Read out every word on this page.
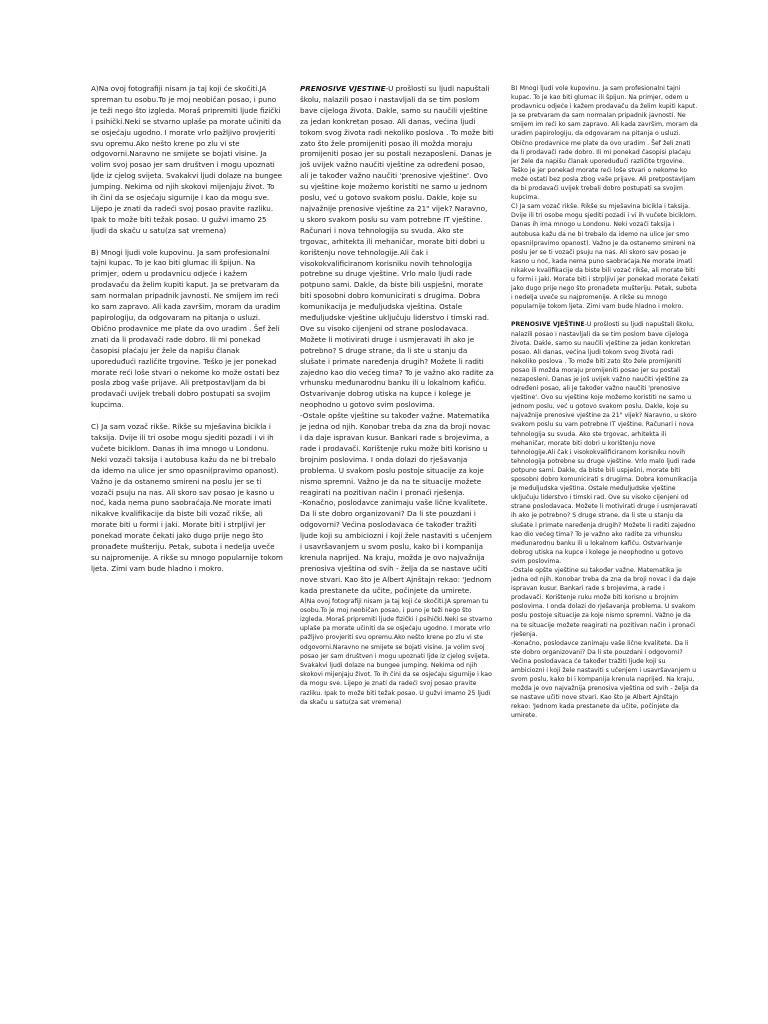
A)Na ovoj fotografiji nisam ja taj koji će skočiti.JA spreman tu osobu.To je moj neobičan posao, i puno je teži nego što izgleda. Moraš pripremiti ljude fizički i psihički.Neki se stvarno uplaše pa morate učiniti da se osjećaju ugodno. I morate vrlo pažljivo provjeriti svu opremu.Ako nešto krene po zlu vi ste odgovorni.Naravno ne smijete se bojati visine. Ja volim svoj posao jer sam društven i mogu upoznati ljde iz cjelog svijeta. Svakakvi ljudi dolaze na bungee jumping. Nekima od njih skokovi mijenjaju život. To ih čini da se osjećaju sigurnije i kao da mogu sve. Lijepo je znati da radeći svoj posao pravite razliku. Ipak to može biti težak posao. U gužvi imamo 25 ljudi da skaču u satu(za sat vremena)

B) Mnogi ljudi vole kupovinu. Ja sam profesionalni tajni kupac. To je kao biti glumac ili špijun. Na primjer, odem u prodavnicu odjeće i kažem prodavaču da želim kupiti kaput. Ja se pretvaram da sam normalan pripadnik javnosti. Ne smijem im reći ko sam zapravo. Ali kada završim, moram da uradim papirologiju, da odgovaram na pitanja o usluzi. Obično prodavnice me plate da ovo uradim . Šef želi znati da li prodavači rade dobro. Ili mi ponekad časopisi plaćaju jer žele da napišu članak uporeduđući različite trgovine. Teško je jer ponekad morate reći loše stvari o nekome ko može ostati bez posla zbog vaše prijave. Ali pretpostavljam da bi prodavači uvijek trebali dobro postupati sa svojim kupcima.

C) Ja sam vozač rikše. Rikše su mješavina bicikla i taksija. Dvije ili tri osobe mogu sjediti pozadi i vi ih vučete biciklom. Danas ih ima mnogo u Londonu. Neki vozači taksija i autobusa kažu da ne bi trebalo da idemo na ulice jer smo opasni(pravimo opanost). Važno je da ostanemo smireni na poslu jer se ti vozači psuju na nas. Ali skoro sav posao je kasno u noć, kada nema puno saobraćaja.Ne morate imati nikakve kvalifikacije da biste bili vozač rikše, ali morate biti u formi i jaki. Morate biti i strpljivi jer ponekad morate čekati jako dugo prije nego što pronađete mušteriju. Petak, subota i nedelja uveče su najpromenije. A rikše su mnogo popularnije tokom ljeta. Zimi vam bude hladno i mokro.

PRENOSIVE VJESTINE-U prošlosti su ljudi napuštali školu, nalazili posao i nastavljali da se tim poslom bave cijeloga života. Dakle, samo su naučili vještine za jedan konkretan posao. Ali danas, većina ljudi tokom svog života radi nekoliko poslova . To može biti zato što žele promijeniti posao ili možda moraju promijeniti posao jer su postali nezaposleni. Danas je još uvijek važno naučiti vještine za određeni posao, ali je također važno naučiti 'prenosive vještine'. Ovo su vještine koje možemo koristiti ne samo u jednom poslu, već u gotovo svakom poslu. Dakle, koje su najvažnije prenosive vještine za 21" vijek? Naravno, u skoro svakom poslu su vam potrebne IT vještine. Računari i nova tehnologija su svuda. Ako ste trgovac, arhitekta ili mehaničar, morate biti dobri u korištenju nove tehnologije.Ali čak i visokokvalificiranom korisniku novih tehnologija potrebne su druge vještine. Vrlo malo ljudi rade potpuno sami. Dakle, da biste bili uspješni, morate biti sposobni dobro komunicirati s drugima. Dobra komunikacija je međuljudska vještina. Ostale međuljudske vještine uključuju liderstvo i timski rad. Ove su visoko cijenjeni od strane poslodavaca. Možete li motivirati druge i usmjeravati ih ako je potrebno? S druge strane, da li ste u stanju da slušate i primate naređenja drugih? Možete li raditi zajedno kao dio većeg tima? To je važno ako radite za vrhunsku međunarodnu banku ili u lokalnom kafiću. Ostvarivanje dobrog utiska na kupce i kolege je neophodno u gotovo svim poslovima.

-Ostale opšte vještine su također važne. Matematika je jedna od njih. Konobar treba da zna da broji novac i da daje ispravan kusur. Bankari rade s brojevima, a rade i prodavači. Korištenje ruku može biti korisno u brojnim poslovima. I onda dolazi do rješavanja problema. U svakom poslu postoje situacije za koje nismo spremni. Važno je da na te situacije možete reagirati na pozitivan način i pronaći rješenja.

-Konačno, poslodavce zanimaju vaše lične kvalitete. Da li ste dobro organizovani? Da li ste pouzdani i odgovorni? Većina poslodavaca će također tražiti ljude koji su ambiciozni i koji žele nastaviti s učenjem i usavršavanjem u svom poslu, kako bi i kompanija krenula naprijed. Na kraju, možda je ovo najvažnija prenosiva vještina od svih - želja da se nastave učiti nove stvari. Kao što je Albert Ajnštajn rekao: 'Jednom kada prestanete da učite, počinjete da umirete.

A)Na ovoj fotografiji nisam ja taj koji će skočiti.JA spreman tu osobu.To je moj neobičan posao, i puno je teži nego što izgleda. Moraš pripremiti ljude fizički i psihički.Neki se stvarno uplaše pa morate učiniti da se osjećaju ugodno. I morate vrlo pažljivo provjeriti svu opremu.Ako nešto krene po zlu vi ste odgovorni.Naravno ne smijete se bojati visine. Ja volim svoj posao jer sam društven i mogu upoznati ljde iz cjelog svijeta. Svakakvi ljudi dolaze na bungee jumping. Nekima od njih skokovi mijenjaju život. To ih čini da se osjećaju sigurnije i kao da mogu sve. Lijepo je znati da radeći svoj posao pravite razliku. Ipak to može biti težak posao. U gužvi imamo 25 ljudi da skaču u satu(za sat vremena)

B) Mnogi ljudi vole kupovinu. Ja sam profesionalni tajni kupac. To je kao biti glumac ili špijun. Na primjer, odem u prodavnicu odjeće i kažem prodavaču da želim kupiti kaput. Ja se pretvaram da sam normalan pripadnik javnosti. Ne smijem im reći ko sam zapravo. Ali kada završim, moram da uradim papirologiju, da odgovaram na pitanja o usluzi. Obično prodavnice me plate da ovo uradim . Šef želi znati da li prodavači rade dobro. Ili mi ponekad časopisi plaćaju jer žele da napišu članak uporeduđući različite trgovine. Teško je jer ponekad morate reći loše stvari o nekome ko može ostati bez posla zbog vaše prijave. Ali pretpostavljam da bi prodavači uvijek trebali dobro postupati sa svojim kupcima.

C) Ja sam vozač rikše. Rikše su mješavina bicikla i taksija. Dvije ili tri osobe mogu sjediti pozadi i vi ih vučete biciklom. Danas ih ima mnogo u Londonu. Neki vozači taksija i autobusa kažu da ne bi trebalo da idemo na ulice jer smo opasni(pravimo opanost). Važno je da ostanemo smireni na poslu jer se ti vozači psuju na nas. Ali skoro sav posao je kasno u noć, kada nema puno saobraćaja.Ne morate imati nikakve kvalifikacije da biste bili vozač rikše, ali morate biti u formi i jaki. Morate biti i strpljivi jer ponekad morate čekati jako dugo prije nego što pronađete mušteriju. Petak, subota i nedelja uveče su najpromenije. A rikše su mnogo popularnije tokom ljeta. Zimi vam bude hladno i mokro.

PRENOSIVE VJEŠTINE-U prošlosti su ljudi napuštali školu, nalazili posao i nastavljali da se tim poslom bave cijeloga života. Dakle, samo su naučili vještine za jedan konkretan posao. Ali danas, većina ljudi tokom svog života radi nekoliko poslova . To može biti zato što žele promijeniti posao ili možda moraju promijeniti posao jer su postali nezaposleni. Danas je još uvijek važno naučiti vještine za određeni posao, ali je također važno naučiti 'prenosive vještine'. Ovo su vještine koje možemo koristiti ne samo u jednom poslu, već u gotovo svakom poslu. Dakle, koje su najvažnije prenosive vještine za 21" vijek? Naravno, u skoro svakom poslu su vam potrebne IT vještine. Računari i nova tehnologija su svuda. Ako ste trgovac, arhitekta ili mehaničar, morate biti dobri u korištenju nove tehnologije.Ali čak i visokokvalificiranom korisniku novih tehnologija potrebne su druge vještine. Vrlo malo ljudi rade potpuno sami. Dakle, da biste bili uspješni, morate biti sposobni dobro komunicirati s drugima. Dobra komunikacija je međuljudska vještina. Ostale međuljudske vještine uključuju liderstvo i timski rad. Ove su visoko cijenjeni od strane poslodavaca. Možete li motivirati druge i usmjeravati ih ako je potrebno? S druge strane, da li ste u stanju da slušate i primate naređenja drugih? Možete li raditi zajedno kao dio većeg tima? To je važno ako radite za vrhunsku međunarodnu banku ili u lokalnom kafiću. Ostvarivanje dobrog utiska na kupce i kolege je neophodno u gotovo svim poslovima.

-Ostale opšte vještine su također važne. Matematika je jedna od njih. Konobar treba da zna da broji novac i da daje ispravan kusur. Bankari rade s brojevima, a rade i prodavači. Korištenje ruku može biti korisno u brojnim poslovima. I onda dolazi do rješavanja problema. U svakom poslu postoje situacije za koje nismo spremni. Važno je da na te situacije možete reagirati na pozitivan način i pronaći rješenja.

-Konačno, poslodavce zanimaju vaše lične kvalitete. Da li ste dobro organizovani? Da li ste pouzdani i odgovorni? Većina poslodavaca će također tražiti ljude koji su ambiciozni i koji žele nastaviti s učenjem i usavršavanjem u svom poslu, kako bi i kompanija krenula naprijed. Na kraju, možda je ovo najvažnija prenosiva vještina od svih - želja da se nastave učiti nove stvari. Kao što je Albert Ajnštajn rekao: 'Jednom kada prestanete da učite, počinjete da umirete.
